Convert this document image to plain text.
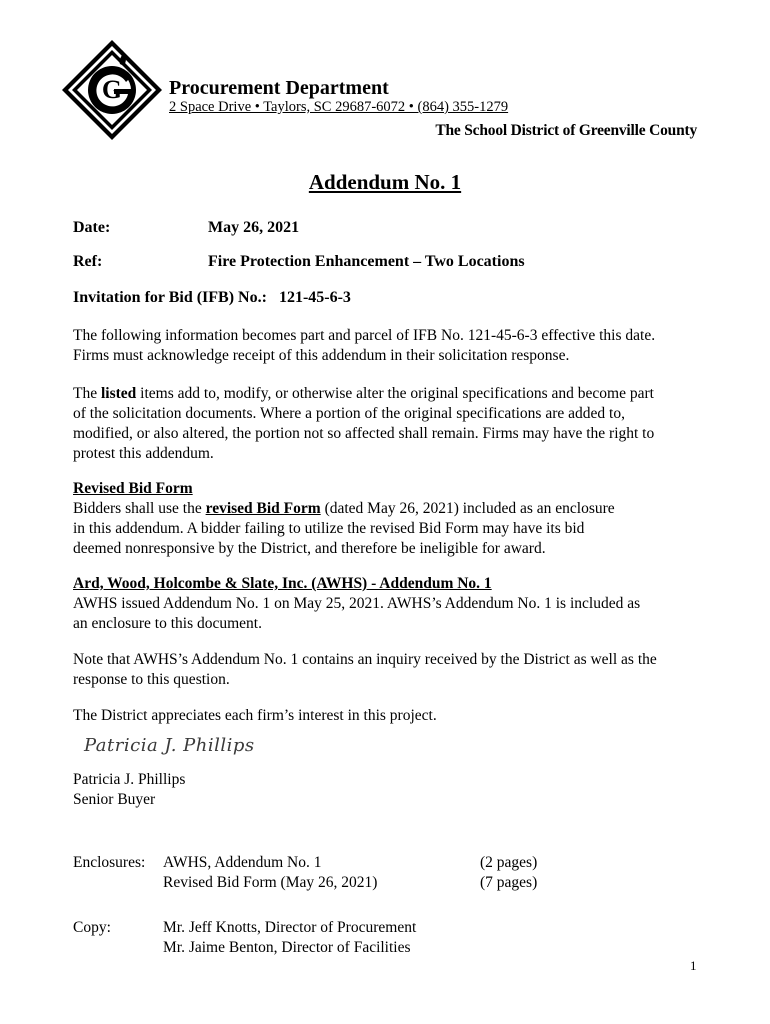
G Procurement Department
2 Space Drive • Taylors, SC 29687-6072 • (864) 355-1279
The School District of Greenville County
Addendum No. 1
Date:	May 26, 2021
Ref:	Fire Protection Enhancement – Two Locations
Invitation for Bid (IFB) No.: 121-45-6-3
The following information becomes part and parcel of IFB No. 121-45-6-3 effective this date.
Firms must acknowledge receipt of this addendum in their solicitation response.
The listed items add to, modify, or otherwise alter the original specifications and become part
of the solicitation documents. Where a portion of the original specifications are added to,
modified, or also altered, the portion not so affected shall remain. Firms may have the right to
protest this addendum.
Revised Bid Form
Bidders shall use the revised Bid Form (dated May 26, 2021) included as an enclosure
in this addendum. A bidder failing to utilize the revised Bid Form may have its bid
deemed nonresponsive by the District, and therefore be ineligible for award.
Ard, Wood, Holcombe & Slate, Inc. (AWHS) - Addendum No. 1
AWHS issued Addendum No. 1 on May 25, 2021. AWHS’s Addendum No. 1 is included as
an enclosure to this document.
Note that AWHS’s Addendum No. 1 contains an inquiry received by the District as well as the
response to this question.
The District appreciates each firm’s interest in this project.
Patricia J. Phillips
Patricia J. Phillips
Senior Buyer
Enclosures: AWHS, Addendum No. 1	(2 pages)
Revised Bid Form (May 26, 2021)	(7 pages)
Copy:	Mr. Jeff Knotts, Director of Procurement
Mr. Jaime Benton, Director of Facilities
1
